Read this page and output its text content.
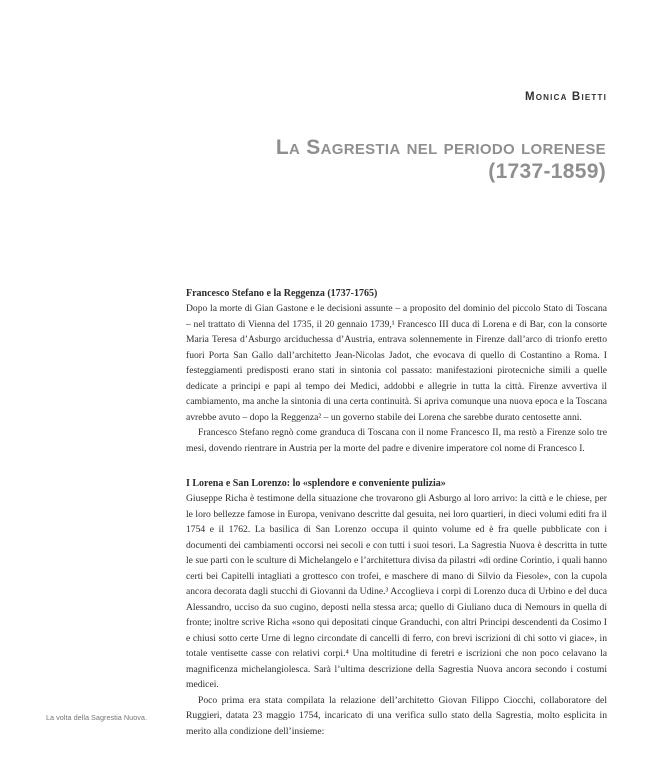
Monica Bietti
La Sagrestia nel periodo lorenese
(1737-1859)
Francesco Stefano e la Reggenza (1737-1765)

Dopo la morte di Gian Gastone e le decisioni assunte – a proposito del dominio del piccolo Stato di Toscana – nel trattato di Vienna del 1735, il 20 gennaio 1739,¹ Francesco III duca di Lorena e di Bar, con la consorte Maria Teresa d’Asburgo arciduchessa d’Austria, entrava solennemente in Firenze dall’arco di trionfo eretto fuori Porta San Gallo dall’architetto Jean-Nicolas Jadot, che evocava di quello di Costantino a Roma. I festeggiamenti predisposti erano stati in sintonia col passato: manifestazioni pirotecniche simili a quelle dedicate a principi e papi al tempo dei Medici, addobbi e allegrie in tutta la città. Firenze avvertiva il cambiamento, ma anche la sintonia di una certa continuità. Si apriva comunque una nuova epoca e la Toscana avrebbe avuto – dopo la Reggenza² – un governo stabile dei Lorena che sarebbe durato centosette anni.

Francesco Stefano regnò come granduca di Toscana con il nome Francesco II, ma restò a Firenze solo tre mesi, dovendo rientrare in Austria per la morte del padre e divenire imperatore col nome di Francesco I.

I Lorena e San Lorenzo: lo «splendore e conveniente pulizia»

Giuseppe Richa è testimone della situazione che trovarono gli Asburgo al loro arrivo: la città e le chiese, per le loro bellezze famose in Europa, venivano descritte dal gesuita, nei loro quartieri, in dieci volumi editi fra il 1754 e il 1762. La basilica di San Lorenzo occupa il quinto volume ed è fra quelle pubblicate con i documenti dei cambiamenti occorsi nei secoli e con tutti i suoi tesori. La Sagrestia Nuova è descritta in tutte le sue parti con le sculture di Michelangelo e l’architettura divisa da pilastri «di ordine Corintio, i quali hanno certi bei Capitelli intagliati a grottesco con trofei, e maschere di mano di Silvio da Fiesole», con la cupola ancora decorata dagli stucchi di Giovanni da Udine.³ Accoglieva i corpi di Lorenzo duca di Urbino e del duca Alessandro, ucciso da suo cugino, deposti nella stessa arca; quello di Giuliano duca di Nemours in quella di fronte; inoltre scrive Richa «sono qui depositati cinque Granduchi, con altri Principi descendenti da Cosimo I e chiusi sotto certe Urne di legno circondate di cancelli di ferro, con brevi iscrizioni di chi sotto vi giace», in totale ventisette casse con relativi corpi.⁴ Una moltitudine di feretri e iscrizioni che non poco celavano la magnificenza michelangiolesca. Sarà l’ultima descrizione della Sagrestia Nuova ancora secondo i costumi medicei.

Poco prima era stata compilata la relazione dell’architetto Giovan Filippo Ciocchi, collaboratore del Ruggieri, datata 23 maggio 1754, incaricato di una verifica sullo stato della Sagrestia, molto esplicita in merito alla condizione dell’insieme:

La volta della Sagrestia Nuova.
